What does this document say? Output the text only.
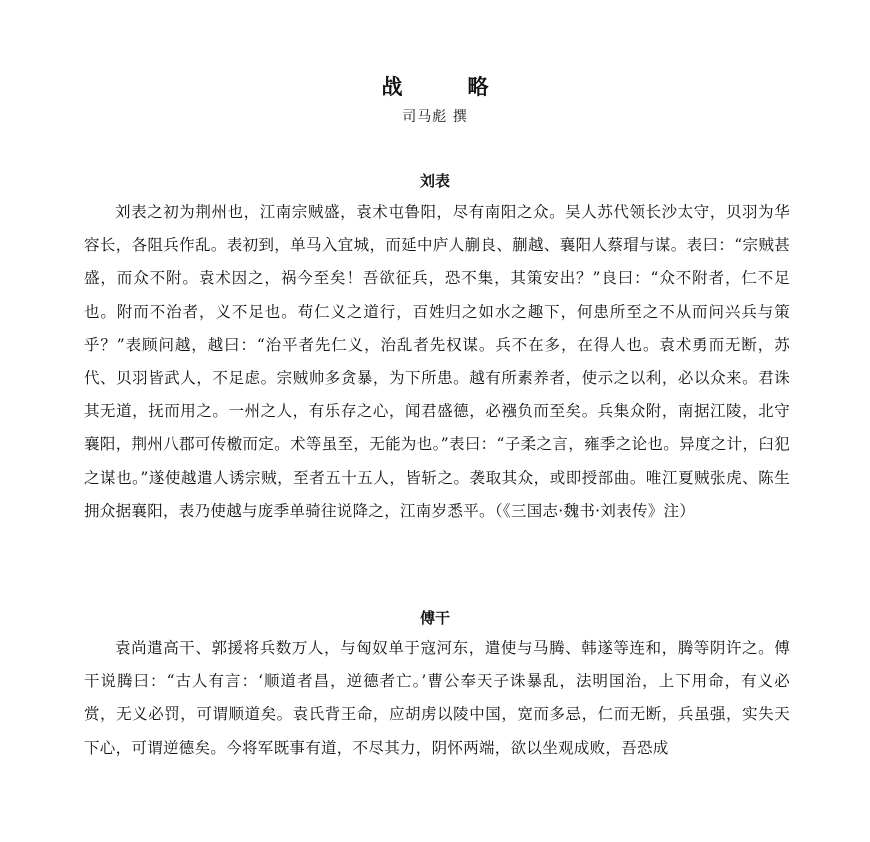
战　略
司马彪 撰
刘表

刘表之初为荆州也，江南宗贼盛，袁术屯鲁阳，尽有南阳之众。吴人苏代领长沙太守，贝羽为华容长，各阻兵作乱。表初到，单马入宜城，而延中庐人蒯良、蒯越、襄阳人蔡瑁与谋。表曰：“宗贼甚盛，而众不附。袁术因之，祸今至矣！吾欲征兵，恐不集，其策安出？”良曰：“众不附者，仁不足也。附而不治者，义不足也。苟仁义之道行，百姓归之如水之趣下，何患所至之不从而问兴兵与策乎？”表顾问越，越曰：“治平者先仁义，治乱者先权谋。兵不在多，在得人也。袁术勇而无断，苏代、贝羽皆武人，不足虑。宗贼帅多贪暴，为下所患。越有所素养者，使示之以利，必以众来。君诛其无道，抚而用之。一州之人，有乐存之心，闻君盛德，必襁负而至矣。兵集众附，南据江陵，北守襄阳，荆州八郡可传檄而定。术等虽至，无能为也。”表曰：“子柔之言，雍季之论也。异度之计，臼犯之谋也。”遂使越遣人诱宗贼，至者五十五人，皆斩之。袭取其众，或即授部曲。唯江夏贼张虎、陈生拥众据襄阳，表乃使越与庞季单骑往说降之，江南岁悉平。（《三国志·魏书·刘表传》注）

傅干

袁尚遣高干、郭援将兵数万人，与匈奴单于寇河东，遣使与马腾、韩遂等连和，腾等阴许之。傅干说腾曰：“古人有言：‘顺道者昌，逆德者亡。’曹公奉天子诛暴乱，法明国治，上下用命，有义必赏，无义必罚，可谓顺道矣。袁氏背王命，应胡虏以陵中国，宽而多忌，仁而无断，兵虽强，实失天下心，可谓逆德矣。今将军既事有道，不尽其力，阴怀两端，欲以坐观成败，吾恐成
